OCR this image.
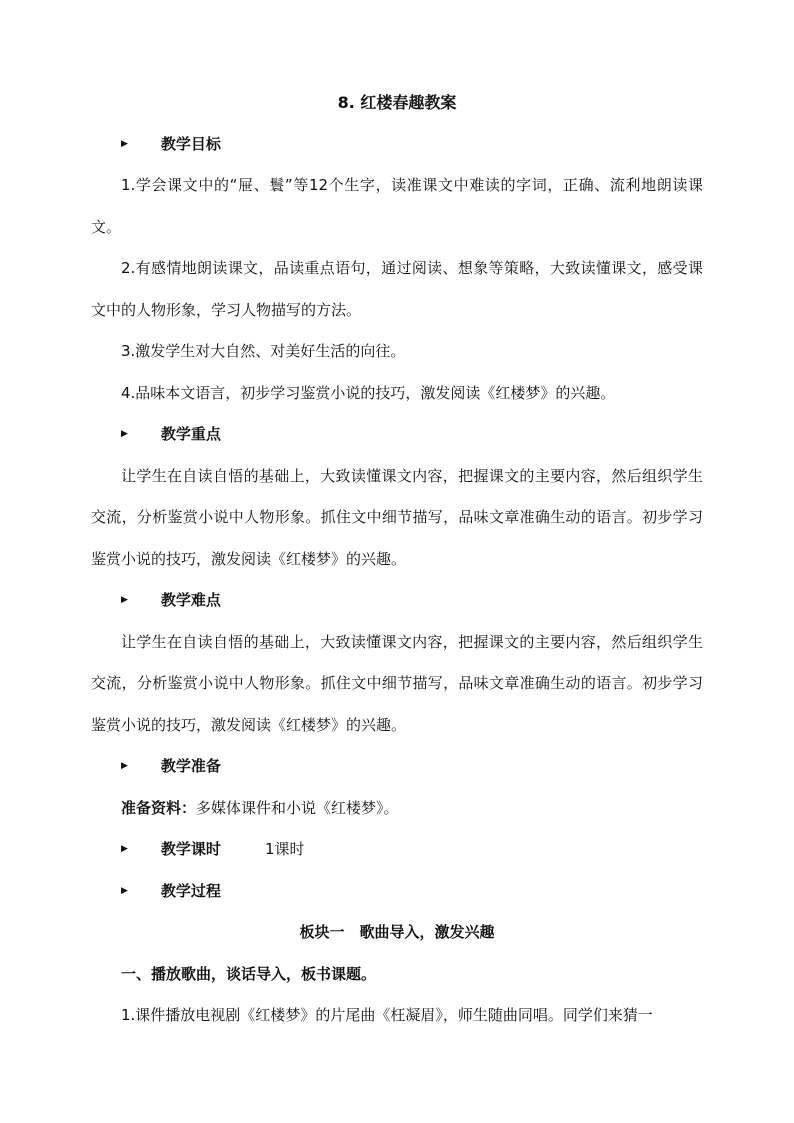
8. 红楼春趣教案
▶	教学目标
1.学会课文中的“屉、鬟”等12个生字，读准课文中难读的字词，正确、流利地朗读课文。
2.有感情地朗读课文，品读重点语句，通过阅读、想象等策略，大致读懂课文，感受课文中的人物形象，学习人物描写的方法。
3.激发学生对大自然、对美好生活的向往。
4.品味本文语言，初步学习鉴赏小说的技巧，激发阅读《红楼梦》的兴趣。
▶	教学重点
让学生在自读自悟的基础上，大致读懂课文内容，把握课文的主要内容，然后组织学生交流，分析鉴赏小说中人物形象。抓住文中细节描写，品味文章准确生动的语言。初步学习鉴赏小说的技巧，激发阅读《红楼梦》的兴趣。
▶	教学难点
让学生在自读自悟的基础上，大致读懂课文内容，把握课文的主要内容，然后组织学生交流，分析鉴赏小说中人物形象。抓住文中细节描写，品味文章准确生动的语言。初步学习鉴赏小说的技巧，激发阅读《红楼梦》的兴趣。
▶	教学准备
准备资料：多媒体课件和小说《红楼梦》。
▶	教学课时	1课时
▶	教学过程
板块一　歌曲导入，激发兴趣
一、播放歌曲，谈话导入，板书课题。
1.课件播放电视剧《红楼梦》的片尾曲《枉凝眉》，师生随曲同唱。同学们来猜一
